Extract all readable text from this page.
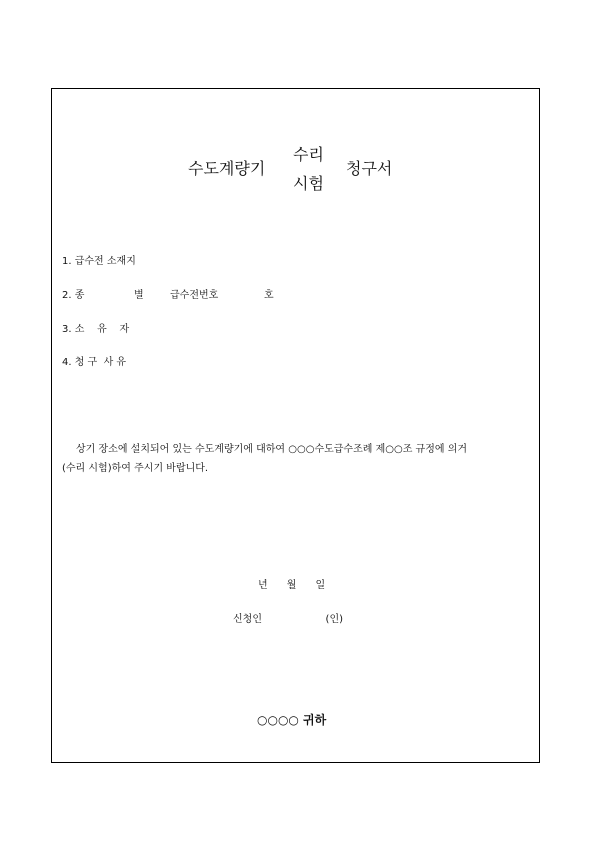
수도계량기
수리
시험
청구서
1. 급수전 소재지

2. 종

	별

	급수전번호

	호

3. 소    유    자
4. 청 구  사 유
상기 장소에 설치되어 있는 수도계량기에 대하여 ○○○수도급수조례 제○○조 규정에 의거
(수리 시험)하여 주시기 바랍니다.
년      월      일
신청인                    (인)
○○○○ 귀하
